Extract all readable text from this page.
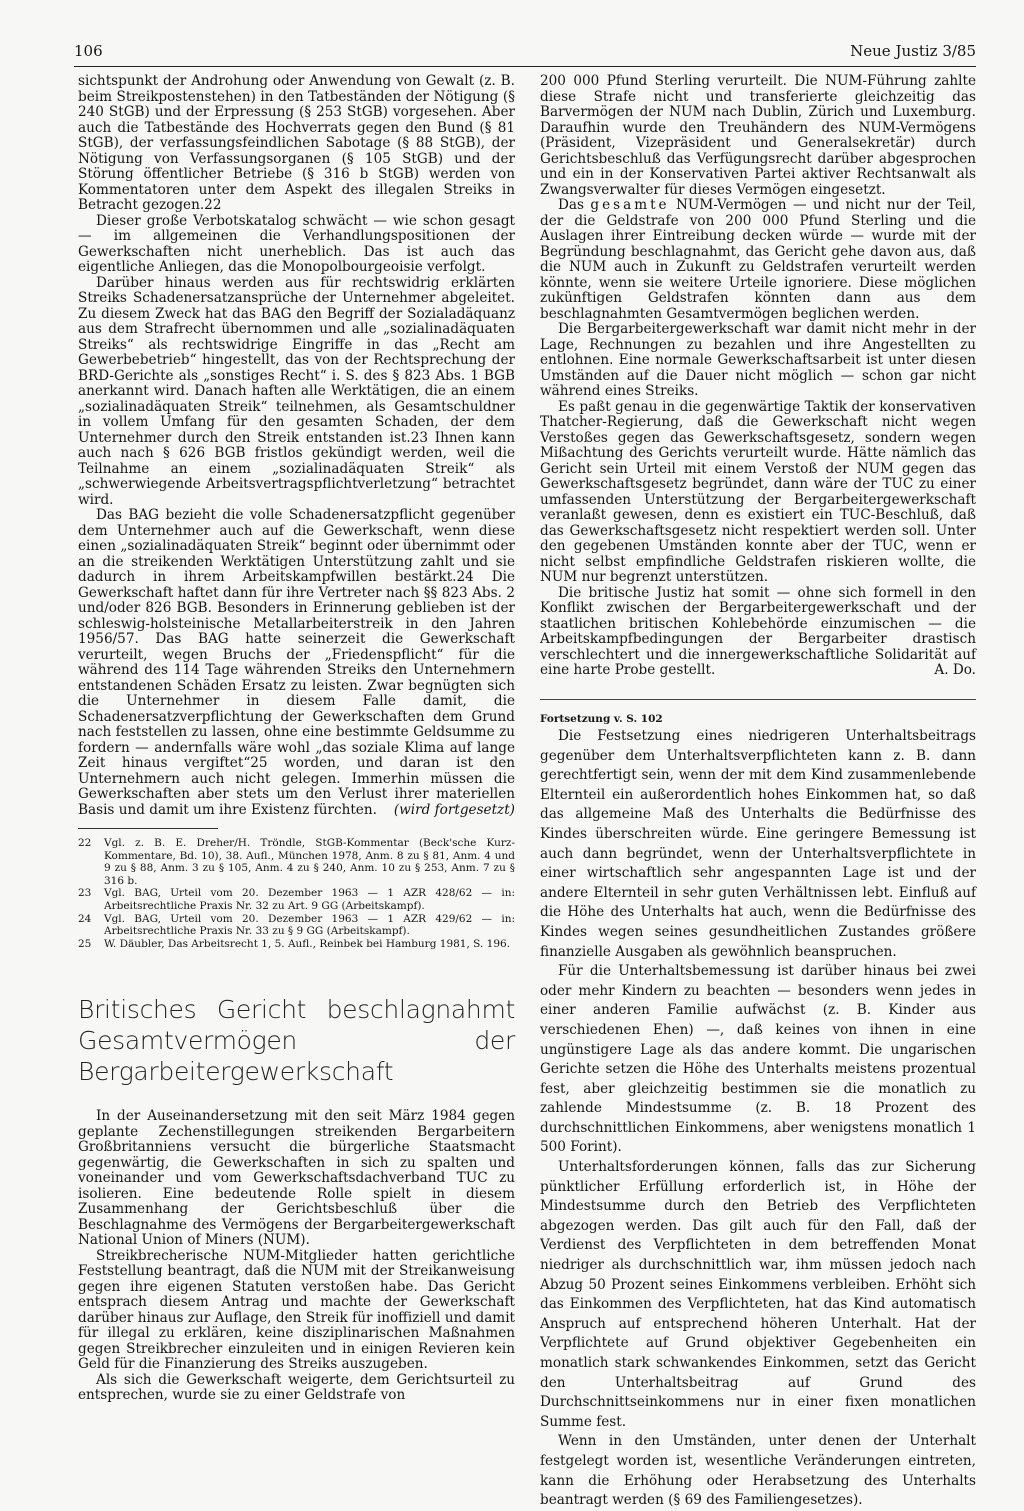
106	Neue Justiz 3/85

sichtspunkt der Androhung oder Anwendung von Gewalt (z. B. beim Streikpostenstehen) in den Tatbeständen der Nötigung (§ 240 StGB) und der Erpressung (§ 253 StGB) vorgesehen. Aber auch die Tatbestände des Hochverrats gegen den Bund (§ 81 StGB), der verfassungsfeindlichen Sabotage (§ 88 StGB), der Nötigung von Verfassungsorganen (§ 105 StGB) und der Störung öffentlicher Betriebe (§ 316 b StGB) werden von Kommentatoren unter dem Aspekt des illegalen Streiks in Betracht gezogen.22

Dieser große Verbotskatalog schwächt — wie schon gesagt — im allgemeinen die Verhandlungspositionen der Gewerkschaften nicht unerheblich. Das ist auch das eigentliche Anliegen, das die Monopolbourgeoisie verfolgt.

Darüber hinaus werden aus für rechtswidrig erklärten Streiks Schadenersatzansprüche der Unternehmer abgeleitet. Zu diesem Zweck hat das BAG den Begriff der Sozialadäquanz aus dem Strafrecht übernommen und alle „sozialinadäquaten Streiks“ als rechtswidrige Eingriffe in das „Recht am Gewerbebetrieb“ hingestellt, das von der Rechtsprechung der BRD-Gerichte als „sonstiges Recht“ i. S. des § 823 Abs. 1 BGB anerkannt wird. Danach haften alle Werktätigen, die an einem „sozialinadäquaten Streik“ teilnehmen, als Gesamtschuldner in vollem Umfang für den gesamten Schaden, der dem Unternehmer durch den Streik entstanden ist.23 Ihnen kann auch nach § 626 BGB fristlos gekündigt werden, weil die Teilnahme an einem „sozialinadäquaten Streik“ als „schwerwiegende Arbeitsvertragspflichtverletzung“ betrachtet wird.

Das BAG bezieht die volle Schadenersatzpflicht gegenüber dem Unternehmer auch auf die Gewerkschaft, wenn diese einen „sozialinadäquaten Streik“ beginnt oder übernimmt oder an die streikenden Werktätigen Unterstützung zahlt und sie dadurch in ihrem Arbeitskampfwillen bestärkt.24 Die Gewerkschaft haftet dann für ihre Vertreter nach §§ 823 Abs. 2 und/oder 826 BGB. Besonders in Erinnerung geblieben ist der schleswig-holsteinische Metallarbeiterstreik in den Jahren 1956/57. Das BAG hatte seinerzeit die Gewerkschaft verurteilt, wegen Bruchs der „Friedenspflicht“ für die während des 114 Tage währenden Streiks den Unternehmern entstandenen Schäden Ersatz zu leisten. Zwar begnügten sich die Unternehmer in diesem Falle damit, die Schadenersatzverpflichtung der Gewerkschaften dem Grund nach feststellen zu lassen, ohne eine bestimmte Geldsumme zu fordern — andernfalls wäre wohl „das soziale Klima auf lange Zeit hinaus vergiftet“25 worden, und daran ist den Unternehmern auch nicht gelegen. Immerhin müssen die Gewerkschaften aber stets um den Verlust ihrer materiellen Basis und damit um ihre Existenz fürchten.	(wird fortgesetzt)
22	Vgl. z. B. E. Dreher/H. Tröndle, StGB-Kommentar (Beck'sche Kurz-Kommentare, Bd. 10), 38. Aufl., München 1978, Anm. 8 zu § 81, Anm. 4 und 9 zu § 88, Anm. 3 zu § 105, Anm. 4 zu § 240, Anm. 10 zu § 253, Anm. 7 zu § 316 b.
23	Vgl. BAG, Urteil vom 20. Dezember 1963 — 1 AZR 428/62 — in: Arbeitsrechtliche Praxis Nr. 32 zu Art. 9 GG (Arbeitskampf).
24	Vgl. BAG, Urteil vom 20. Dezember 1963 — 1 AZR 429/62 — in: Arbeitsrechtliche Praxis Nr. 33 zu § 9 GG (Arbeitskampf).
25	W. Däubler, Das Arbeitsrecht 1, 5. Aufl., Reinbek bei Hamburg 1981, S. 196.
Britisches Gericht beschlagnahmt Gesamtvermögen der Bergarbeitergewerkschaft

In der Auseinandersetzung mit den seit März 1984 gegen geplante Zechenstillegungen streikenden Bergarbeitern Großbritanniens versucht die bürgerliche Staatsmacht gegenwärtig, die Gewerkschaften in sich zu spalten und voneinander und vom Gewerkschaftsdachverband TUC zu isolieren. Eine bedeutende Rolle spielt in diesem Zusammenhang der Gerichtsbeschluß über die Beschlagnahme des Vermögens der Bergarbeitergewerkschaft National Union of Miners (NUM).

Streikbrecherische NUM-Mitglieder hatten gerichtliche Feststellung beantragt, daß die NUM mit der Streikanweisung gegen ihre eigenen Statuten verstoßen habe. Das Gericht entsprach diesem Antrag und machte der Gewerkschaft darüber hinaus zur Auflage, den Streik für inoffiziell und damit für illegal zu erklären, keine disziplinarischen Maßnahmen gegen Streikbrecher einzuleiten und in einigen Revieren kein Geld für die Finanzierung des Streiks auszugeben.

Als sich die Gewerkschaft weigerte, dem Gerichtsurteil zu entsprechen, wurde sie zu einer Geldstrafe von

200 000 Pfund Sterling verurteilt. Die NUM-Führung zahlte diese Strafe nicht und transferierte gleichzeitig das Barvermögen der NUM nach Dublin, Zürich und Luxemburg. Daraufhin wurde den Treuhändern des NUM-Vermögens (Präsident, Vizepräsident und Generalsekretär) durch Gerichtsbeschluß das Verfügungsrecht darüber abgesprochen und ein in der Konservativen Partei aktiver Rechtsanwalt als Zwangsverwalter für dieses Vermögen eingesetzt.

Das gesamte NUM-Vermögen — und nicht nur der Teil, der die Geldstrafe von 200 000 Pfund Sterling und die Auslagen ihrer Eintreibung decken würde — wurde mit der Begründung beschlagnahmt, das Gericht gehe davon aus, daß die NUM auch in Zukunft zu Geldstrafen verurteilt werden könnte, wenn sie weitere Urteile ignoriere. Diese möglichen zukünftigen Geldstrafen könnten dann aus dem beschlagnahmten Gesamtvermögen beglichen werden.

Die Bergarbeitergewerkschaft war damit nicht mehr in der Lage, Rechnungen zu bezahlen und ihre Angestellten zu entlohnen. Eine normale Gewerkschaftsarbeit ist unter diesen Umständen auf die Dauer nicht möglich — schon gar nicht während eines Streiks.

Es paßt genau in die gegenwärtige Taktik der konservativen Thatcher-Regierung, daß die Gewerkschaft nicht wegen Verstoßes gegen das Gewerkschaftsgesetz, sondern wegen Mißachtung des Gerichts verurteilt wurde. Hätte nämlich das Gericht sein Urteil mit einem Verstoß der NUM gegen das Gewerkschaftsgesetz begründet, dann wäre der TUC zu einer umfassenden Unterstützung der Bergarbeitergewerkschaft veranlaßt gewesen, denn es existiert ein TUC-Beschluß, daß das Gewerkschaftsgesetz nicht respektiert werden soll. Unter den gegebenen Umständen konnte aber der TUC, wenn er nicht selbst empfindliche Geldstrafen riskieren wollte, die NUM nur begrenzt unterstützen.

Die britische Justiz hat somit — ohne sich formell in den Konflikt zwischen der Bergarbeitergewerkschaft und der staatlichen britischen Kohlebehörde einzumischen — die Arbeitskampfbedingungen der Bergarbeiter drastisch verschlechtert und die innergewerkschaftliche Solidarität auf eine harte Probe gestellt.	A. Do.

Fortsetzung v. S. 102

Die Festsetzung eines niedrigeren Unterhaltsbeitrags gegenüber dem Unterhaltsverpflichteten kann z. B. dann gerechtfertigt sein, wenn der mit dem Kind zusammenlebende Elternteil ein außerordentlich hohes Einkommen hat, so daß das allgemeine Maß des Unterhalts die Bedürfnisse des Kindes überschreiten würde. Eine geringere Bemessung ist auch dann begründet, wenn der Unterhaltsverpflichtete in einer wirtschaftlich sehr angespannten Lage ist und der andere Elternteil in sehr guten Verhältnissen lebt. Einfluß auf die Höhe des Unterhalts hat auch, wenn die Bedürfnisse des Kindes wegen seines gesundheitlichen Zustandes größere finanzielle Ausgaben als gewöhnlich beanspruchen.

Für die Unterhaltsbemessung ist darüber hinaus bei zwei oder mehr Kindern zu beachten — besonders wenn jedes in einer anderen Familie aufwächst (z. B. Kinder aus verschiedenen Ehen) —, daß keines von ihnen in eine ungünstigere Lage als das andere kommt. Die ungarischen Gerichte setzen die Höhe des Unterhalts meistens prozentual fest, aber gleichzeitig bestimmen sie die monatlich zu zahlende Mindestsumme (z. B. 18 Prozent des durchschnittlichen Einkommens, aber wenigstens monatlich 1 500 Forint).

Unterhaltsforderungen können, falls das zur Sicherung pünktlicher Erfüllung erforderlich ist, in Höhe der Mindestsumme durch den Betrieb des Verpflichteten abgezogen werden. Das gilt auch für den Fall, daß der Verdienst des Verpflichteten in dem betreffenden Monat niedriger als durchschnittlich war, ihm müssen jedoch nach Abzug 50 Prozent seines Einkommens verbleiben. Erhöht sich das Einkommen des Verpflichteten, hat das Kind automatisch Anspruch auf entsprechend höheren Unterhalt. Hat der Verpflichtete auf Grund objektiver Gegebenheiten ein monatlich stark schwankendes Einkommen, setzt das Gericht den Unterhaltsbeitrag auf Grund des Durchschnittseinkommens nur in einer fixen monatlichen Summe fest.

Wenn in den Umständen, unter denen der Unterhalt festgelegt worden ist, wesentliche Veränderungen eintreten, kann die Erhöhung oder Herabsetzung des Unterhalts beantragt werden (§ 69 des Familiengesetzes).
